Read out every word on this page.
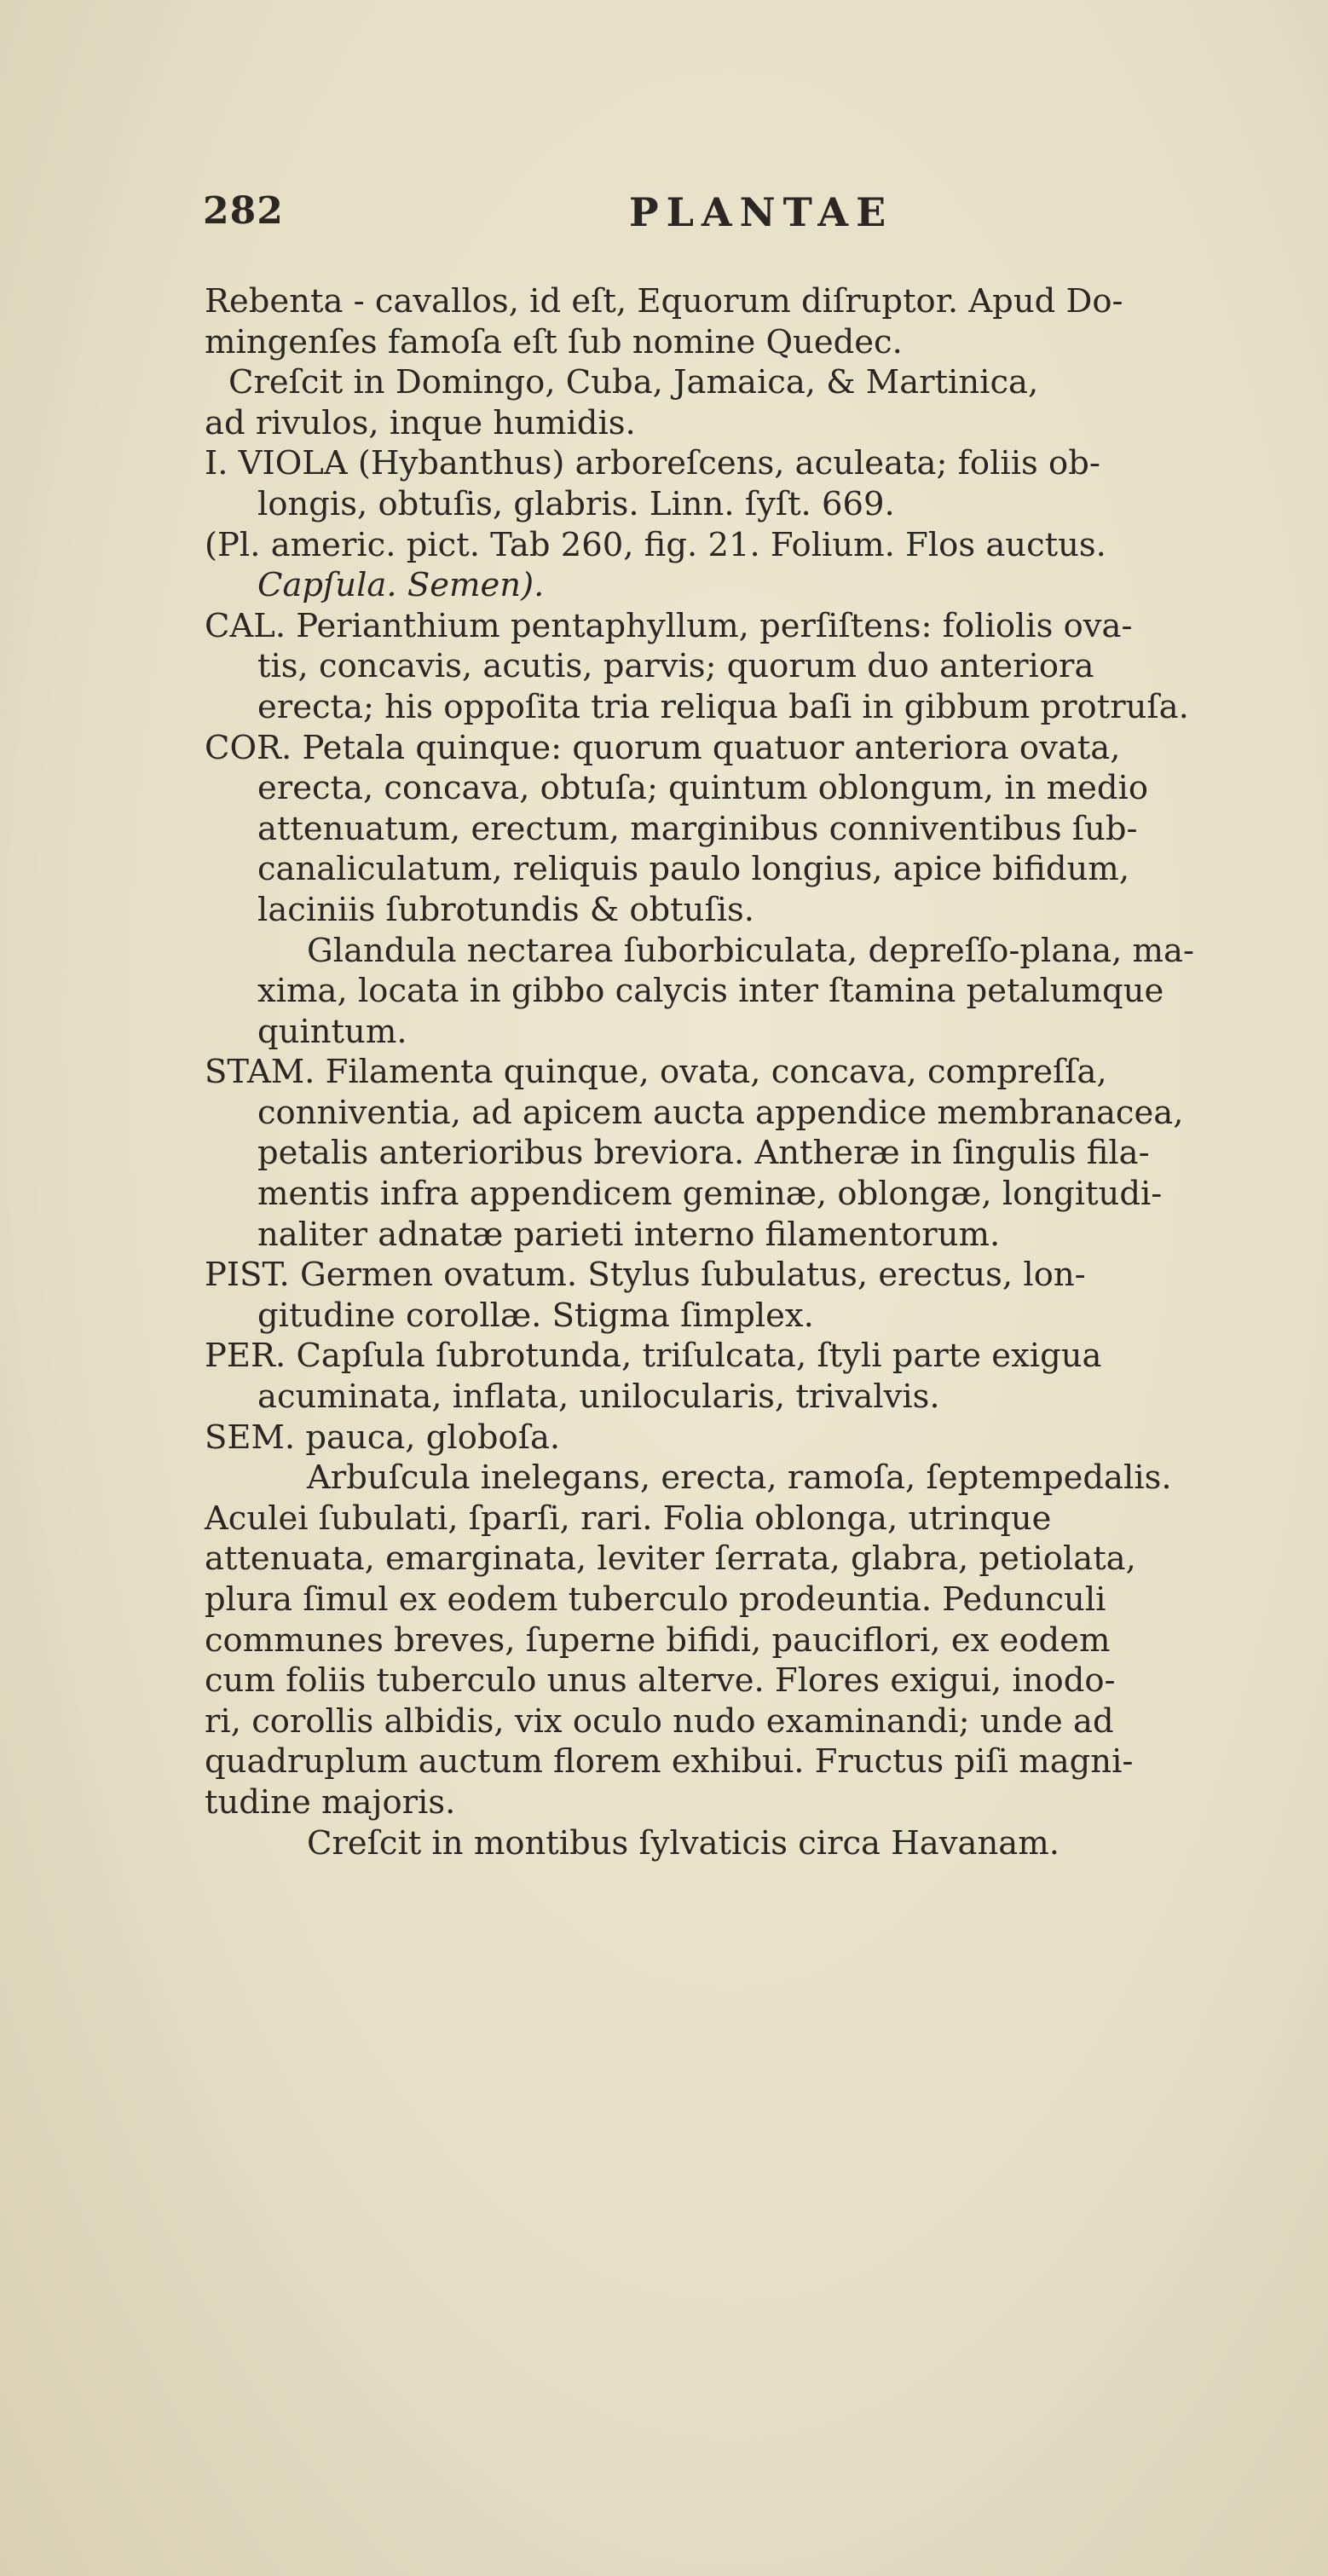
282	PLANTAE
Rebenta - cavallos, id eſt, Equorum diſruptor. Apud Do-
mingenſes famoſa eſt ſub nomine Quedec.
Creſcit in Domingo, Cuba, Jamaica, & Martinica,
ad rivulos, inque humidis.
I. VIOLA (Hybanthus) arboreſcens, aculeata; foliis ob-
longis, obtuſis, glabris. Linn. ſyſt. 669.
(Pl. americ. pict. Tab 260, fig. 21. Folium. Flos auctus.
Capſula. Semen).
CAL. Perianthium pentaphyllum, perſiſtens: foliolis ova-
tis, concavis, acutis, parvis; quorum duo anteriora
erecta; his oppoſita tria reliqua baſi in gibbum protruſa.
COR. Petala quinque: quorum quatuor anteriora ovata,
erecta, concava, obtuſa; quintum oblongum, in medio
attenuatum, erectum, marginibus conniventibus ſub-
canaliculatum, reliquis paulo longius, apice bifidum,
laciniis ſubrotundis & obtuſis.
Glandula nectarea ſuborbiculata, depreſſo-plana, ma-
xima, locata in gibbo calycis inter ſtamina petalumque
quintum.
STAM. Filamenta quinque, ovata, concava, compreſſa,
conniventia, ad apicem aucta appendice membranacea,
petalis anterioribus breviora. Antheræ in ſingulis fila-
mentis infra appendicem geminæ, oblongæ, longitudi-
naliter adnatæ parieti interno filamentorum.
PIST. Germen ovatum. Stylus ſubulatus, erectus, lon-
gitudine corollæ. Stigma ſimplex.
PER. Capſula ſubrotunda, triſulcata, ſtyli parte exigua
acuminata, inflata, unilocularis, trivalvis.
SEM. pauca, globoſa.
Arbuſcula inelegans, erecta, ramoſa, ſeptempedalis.
Aculei ſubulati, ſparſi, rari. Folia oblonga, utrinque
attenuata, emarginata, leviter ſerrata, glabra, petiolata,
plura ſimul ex eodem tuberculo prodeuntia. Pedunculi
communes breves, ſuperne bifidi, pauciflori, ex eodem
cum foliis tuberculo unus alterve. Flores exigui, inodo-
ri, corollis albidis, vix oculo nudo examinandi; unde ad
quadruplum auctum florem exhibui. Fructus piſi magni-
tudine majoris.
Creſcit in montibus ſylvaticis circa Havanam.
